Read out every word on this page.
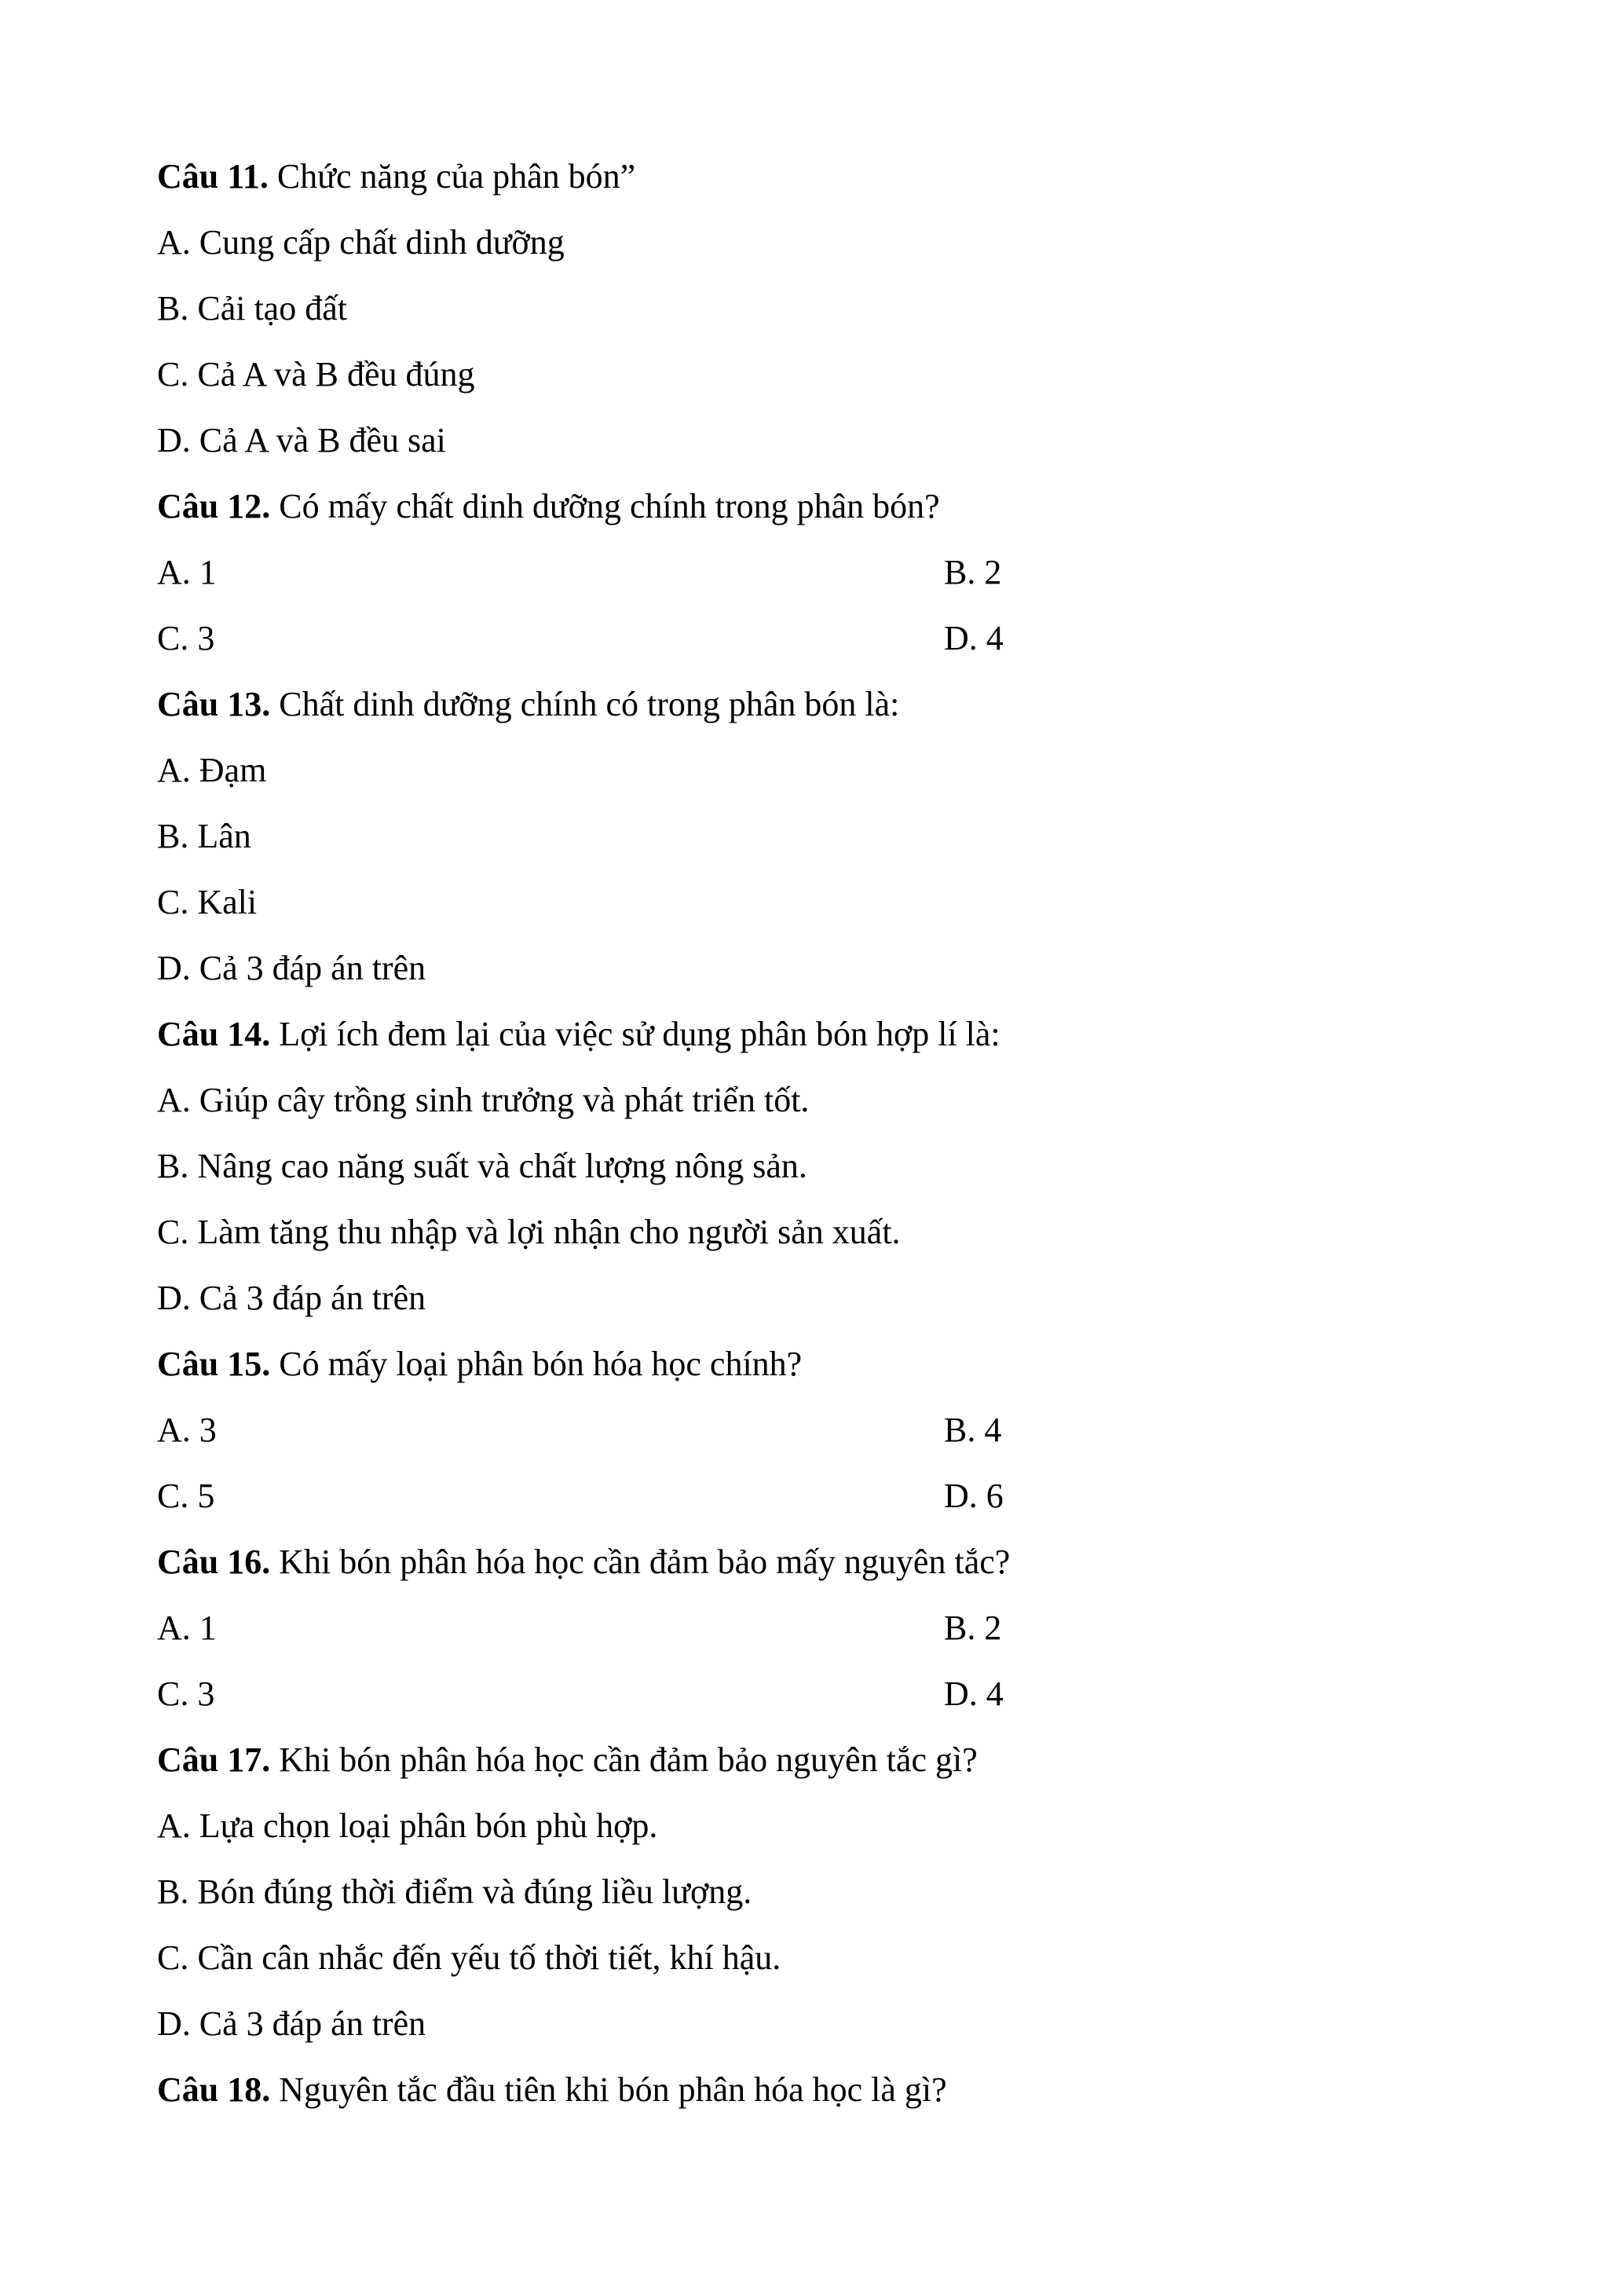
Câu 11. Chức năng của phân bón”
A. Cung cấp chất dinh dưỡng
B. Cải tạo đất
C. Cả A và B đều đúng
D. Cả A và B đều sai
Câu 12. Có mấy chất dinh dưỡng chính trong phân bón?
A. 1	B. 2
C. 3	D. 4
Câu 13. Chất dinh dưỡng chính có trong phân bón là:
A. Đạm
B. Lân
C. Kali
D. Cả 3 đáp án trên
Câu 14. Lợi ích đem lại của việc sử dụng phân bón hợp lí là:
A. Giúp cây trồng sinh trưởng và phát triển tốt.
B. Nâng cao năng suất và chất lượng nông sản.
C. Làm tăng thu nhập và lợi nhận cho người sản xuất.
D. Cả 3 đáp án trên
Câu 15. Có mấy loại phân bón hóa học chính?
A. 3	B. 4
C. 5	D. 6
Câu 16. Khi bón phân hóa học cần đảm bảo mấy nguyên tắc?
A. 1	B. 2
C. 3	D. 4
Câu 17. Khi bón phân hóa học cần đảm bảo nguyên tắc gì?
A. Lựa chọn loại phân bón phù hợp.
B. Bón đúng thời điểm và đúng liều lượng.
C. Cần cân nhắc đến yếu tố thời tiết, khí hậu.
D. Cả 3 đáp án trên
Câu 18. Nguyên tắc đầu tiên khi bón phân hóa học là gì?
